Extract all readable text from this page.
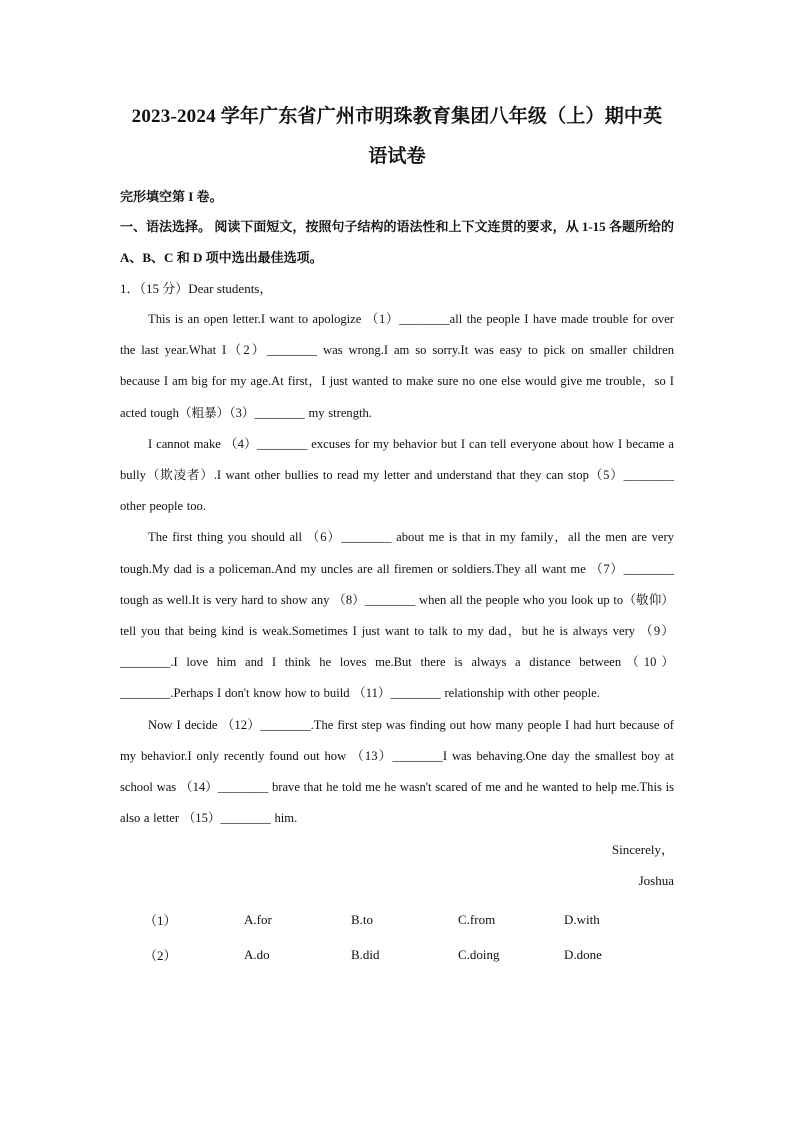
2023-2024 学年广东省广州市明珠教育集团八年级（上）期中英
语试卷
完形填空第 I 卷。
一、语法选择。 阅读下面短文，按照句子结构的语法性和上下文连贯的要求，从 1-15 各题所给的 A、B、C 和 D 项中选出最佳选项。
1．（15 分）Dear students，

This is an open letter.I want to apologize （1）________all the people I have made trouble for over the last year.What I（2）________ was wrong.I am so sorry.It was easy to pick on smaller children because I am big for my age.At first，I just wanted to make sure no one else would give me trouble，so I acted tough（粗暴）（3）________ my strength.

I cannot make （4）________ excuses for my behavior but I can tell everyone about how I became a bully（欺凌者）.I want other bullies to read my letter and understand that they can stop（5）________ other people too.

The first thing you should all （6）________ about me is that in my family，all the men are very tough.My dad is a policeman.And my uncles are all firemen or soldiers.They all want me （7）________ tough as well.It is very hard to show any （8）________ when all the people who you look up to（敬仰） tell you that being kind is weak.Sometimes I just want to talk to my dad，but he is always very （9）________.I love him and I think he loves me.But there is always a distance between（10）________.Perhaps I don't know how to build （11）________ relationship with other people.

Now I decide （12）________.The first step was finding out how many people I had hurt because of my behavior.I only recently found out how （13）________I was behaving.One day the smallest boy at school was （14）________ brave that he told me he wasn't scared of me and he wanted to help me.This is also a letter （15）________ him.

Sincerely，
Joshua
（1）	A.for	B.to	C.from	D.with
（2）	A.do	B.did	C.doing	D.done
